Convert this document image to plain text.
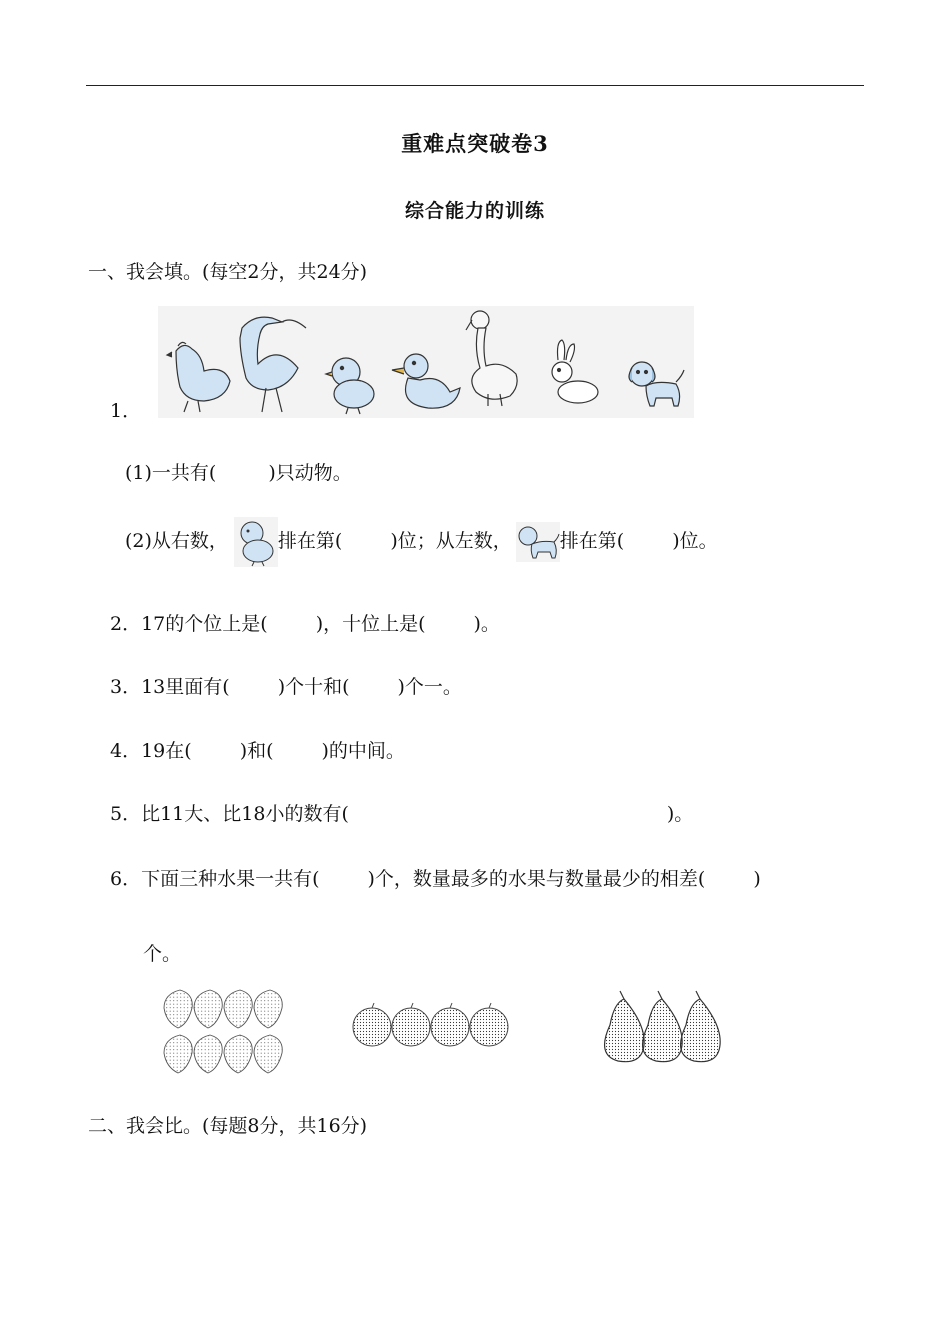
重难点突破卷3
综合能力的训练
一、我会填。(每空2分，共24分)
1．
(1)一共有(	)只动物。
(2)从右数，	排在第(	)位；从左数，	排在第(	)位。
2．17的个位上是(	)，十位上是(	)。
3．13里面有(	)个十和(	)个一。
4．19在(	)和(	)的中间。
5．比11大、比18小的数有(	)。
6．下面三种水果一共有(	)个，数量最多的水果与数量最少的相差(	)
个。
二、我会比。(每题8分，共16分)
